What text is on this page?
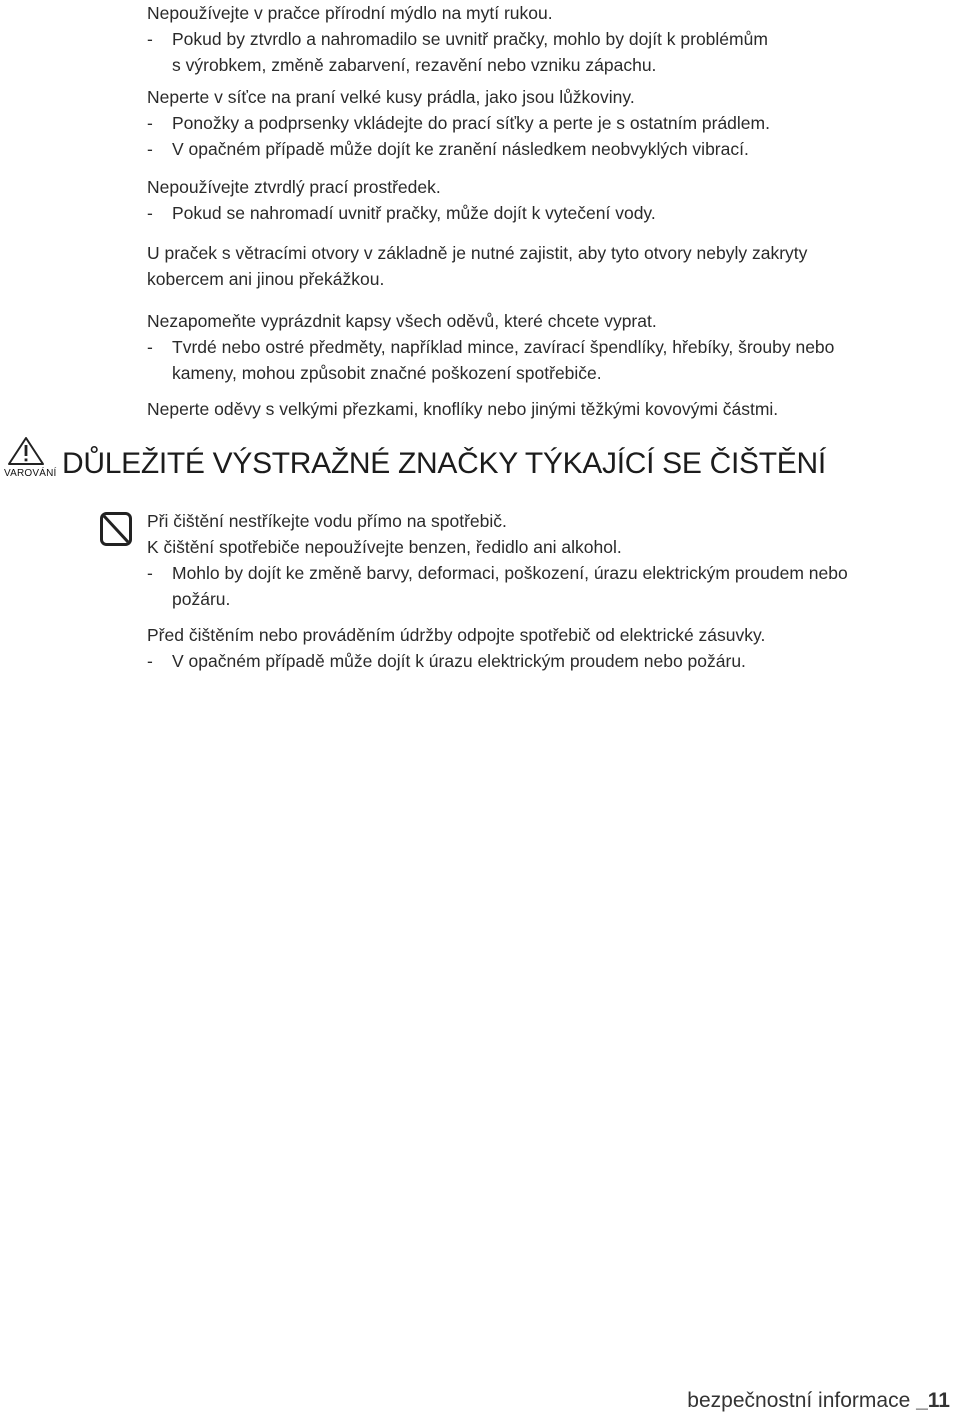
Nepoužívejte v pračce přírodní mýdlo na mytí rukou.
- Pokud by ztvrdlo a nahromadilo se uvnitř pračky, mohlo by dojít k problémům
s výrobkem, změně zabarvení, rezavění nebo vzniku zápachu.
Neperte v síťce na praní velké kusy prádla, jako jsou lůžkoviny.
- Ponožky a podprsenky vkládejte do prací síťky a perte je s ostatním prádlem.
- V opačném případě může dojít ke zranění následkem neobvyklých vibrací.
Nepoužívejte ztvrdlý prací prostředek.
- Pokud se nahromadí uvnitř pračky, může dojít k vytečení vody.
U praček s větracími otvory v základně je nutné zajistit, aby tyto otvory nebyly zakryty
kobercem ani jinou překážkou.
Nezapomeňte vyprázdnit kapsy všech oděvů, které chcete vyprat.
- Tvrdé nebo ostré předměty, například mince, zavírací špendlíky, hřebíky, šrouby nebo
kameny, mohou způsobit značné poškození spotřebiče.
Neperte oděvy s velkými přezkami, knoflíky nebo jinými těžkými kovovými částmi.
VAROVÁNÍ DŮLEŽITÉ VÝSTRAŽNÉ ZNAČKY TÝKAJÍCÍ SE ČIŠTĚNÍ
Při čištění nestříkejte vodu přímo na spotřebič.
K čištění spotřebiče nepoužívejte benzen, ředidlo ani alkohol.
- Mohlo by dojít ke změně barvy, deformaci, poškození, úrazu elektrickým proudem nebo
požáru.
Před čištěním nebo prováděním údržby odpojte spotřebič od elektrické zásuvky.
- V opačném případě může dojít k úrazu elektrickým proudem nebo požáru.
bezpečnostní informace _11
